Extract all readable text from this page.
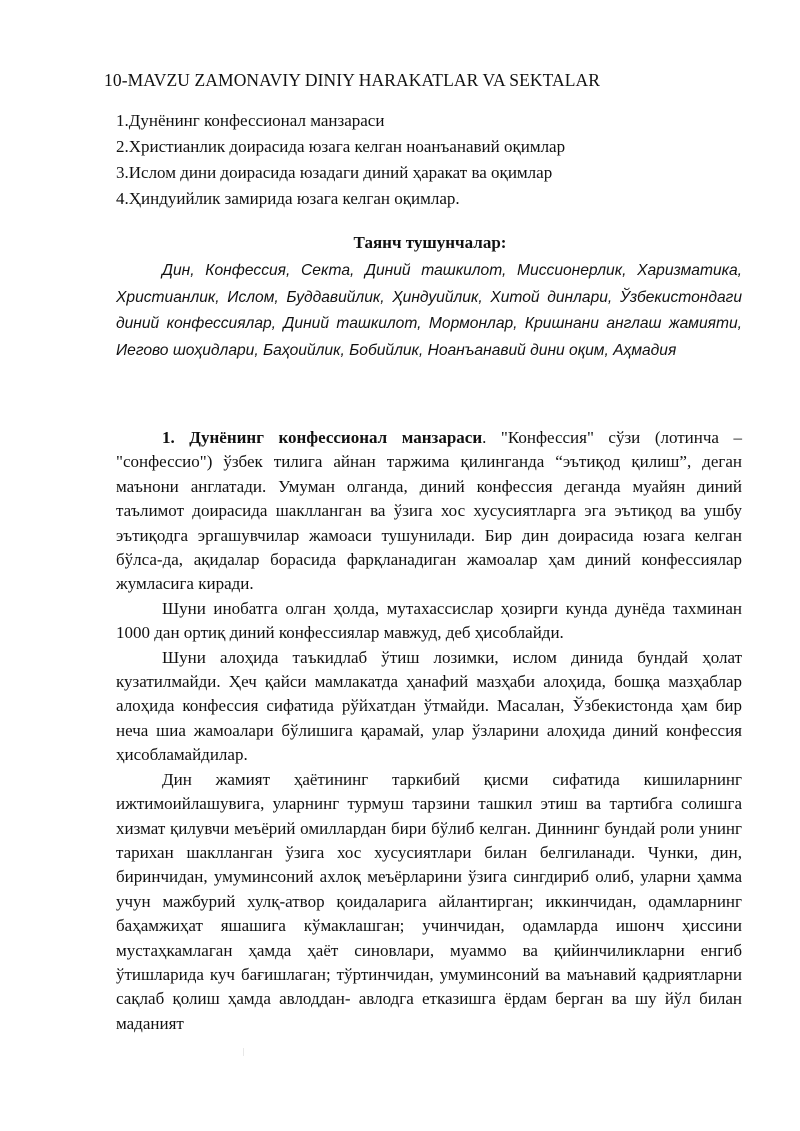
10-MAVZU ZAMONAVIY DINIY HARAKATLAR VA SEKTALAR
1.Дунёнинг конфессионал манзараси
2.Христианлик доирасида юзага келган ноанъанавий оқимлар
3.Ислом дини доирасидa юзадаги диний ҳаракат ва оқимлар
4.Ҳиндуийлик замирида юзага келган оқимлар.
Таянч тушунчалар:
Дин, Конфессия, Секта, Диний ташкилот, Миссионерлик, Харизматика, Христианлик, Ислом, Буддавийлик, Ҳиндуийлик, Хитой динлари, Ўзбекистондаги диний конфессиялар, Диний ташкилот, Мормонлар, Кришнани англаш жамияти, Иегово шоҳидлари, Баҳоийлик, Бобийлик, Ноанъанавий дини оқим, Аҳмадия

1. Дунёнинг конфессионал манзараси. "Конфессия" сўзи (лотинча – "сонфессио") ўзбек тилига айнан таржима қилинганда “эътиқод қилиш”, деган маънони англатади. Умуман олганда, диний конфессия деганда муайян диний таълимот доирасида шаклланган ва ўзига хос хусусиятларга эга эътиқод ва ушбу эътиқодга эргашувчилар жамоаси тушунилади. Бир дин доирасида юзага келган бўлса-да, ақидалар борасида фарқланадиган жамоалар ҳам диний конфессиялар жумласига киради.

Шуни инобатга олган ҳолда, мутахассислар ҳозирги кунда дунёда тахминан 1000 дан ортиқ диний конфессиялар мавжуд, деб ҳисоблайди.

Шуни алоҳида таъкидлаб ўтиш лозимки, ислом динида бундай ҳолат кузатилмайди. Ҳеч қайси мамлакатда ҳанафий мазҳаби алоҳида, бошқа мазҳаблар алоҳида конфессия сифатида рўйхатдан ўтмайди. Масалан, Ўзбекистонда ҳам бир неча шиа жамоалари бўлишига қарамай, улар ўзларини алоҳида диний конфессия ҳисобламайдилар.

Дин жамият ҳаётининг таркибий қисми сифатида кишиларнинг ижтимоийлашувига, уларнинг турмуш тарзини ташкил этиш ва тартибга солишга хизмат қилувчи меъёрий омиллардан бири бўлиб келган. Диннинг бундай роли унинг тарихан шаклланган ўзига хос хусусиятлари билан белгиланади. Чунки, дин, биринчидан, умуминсоний ахлоқ меъёрларини ўзига сингдириб олиб, уларни ҳамма учун мажбурий хулқ-атвор қоидаларига айлантирган; иккинчидан, одамларнинг баҳамжиҳат яшашига кўмаклашган; учинчидан, одамларда ишонч ҳиссини мустаҳкамлаган ҳамда ҳаёт синовлари, муаммо ва қийинчиликларни енгиб ўтишларида куч бағишлаган; тўртинчидан, умуминсоний ва маънавий қадриятларни сақлаб қолиш ҳамда авлоддан- авлодга етказишга ёрдам берган ва шу йўл билан маданият
